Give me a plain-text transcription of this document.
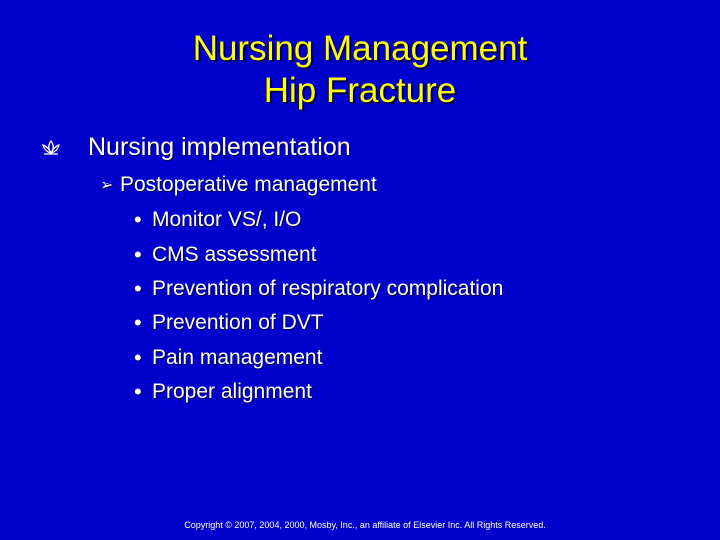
Nursing Management
Hip Fracture
Nursing implementation
➢ Postoperative management
• Monitor VS/, I/O
• CMS assessment
• Prevention of respiratory complication
• Prevention of DVT
• Pain management
• Proper alignment
Copyright © 2007, 2004, 2000, Mosby, Inc., an affiliate of Elsevier Inc. All Rights Reserved.
